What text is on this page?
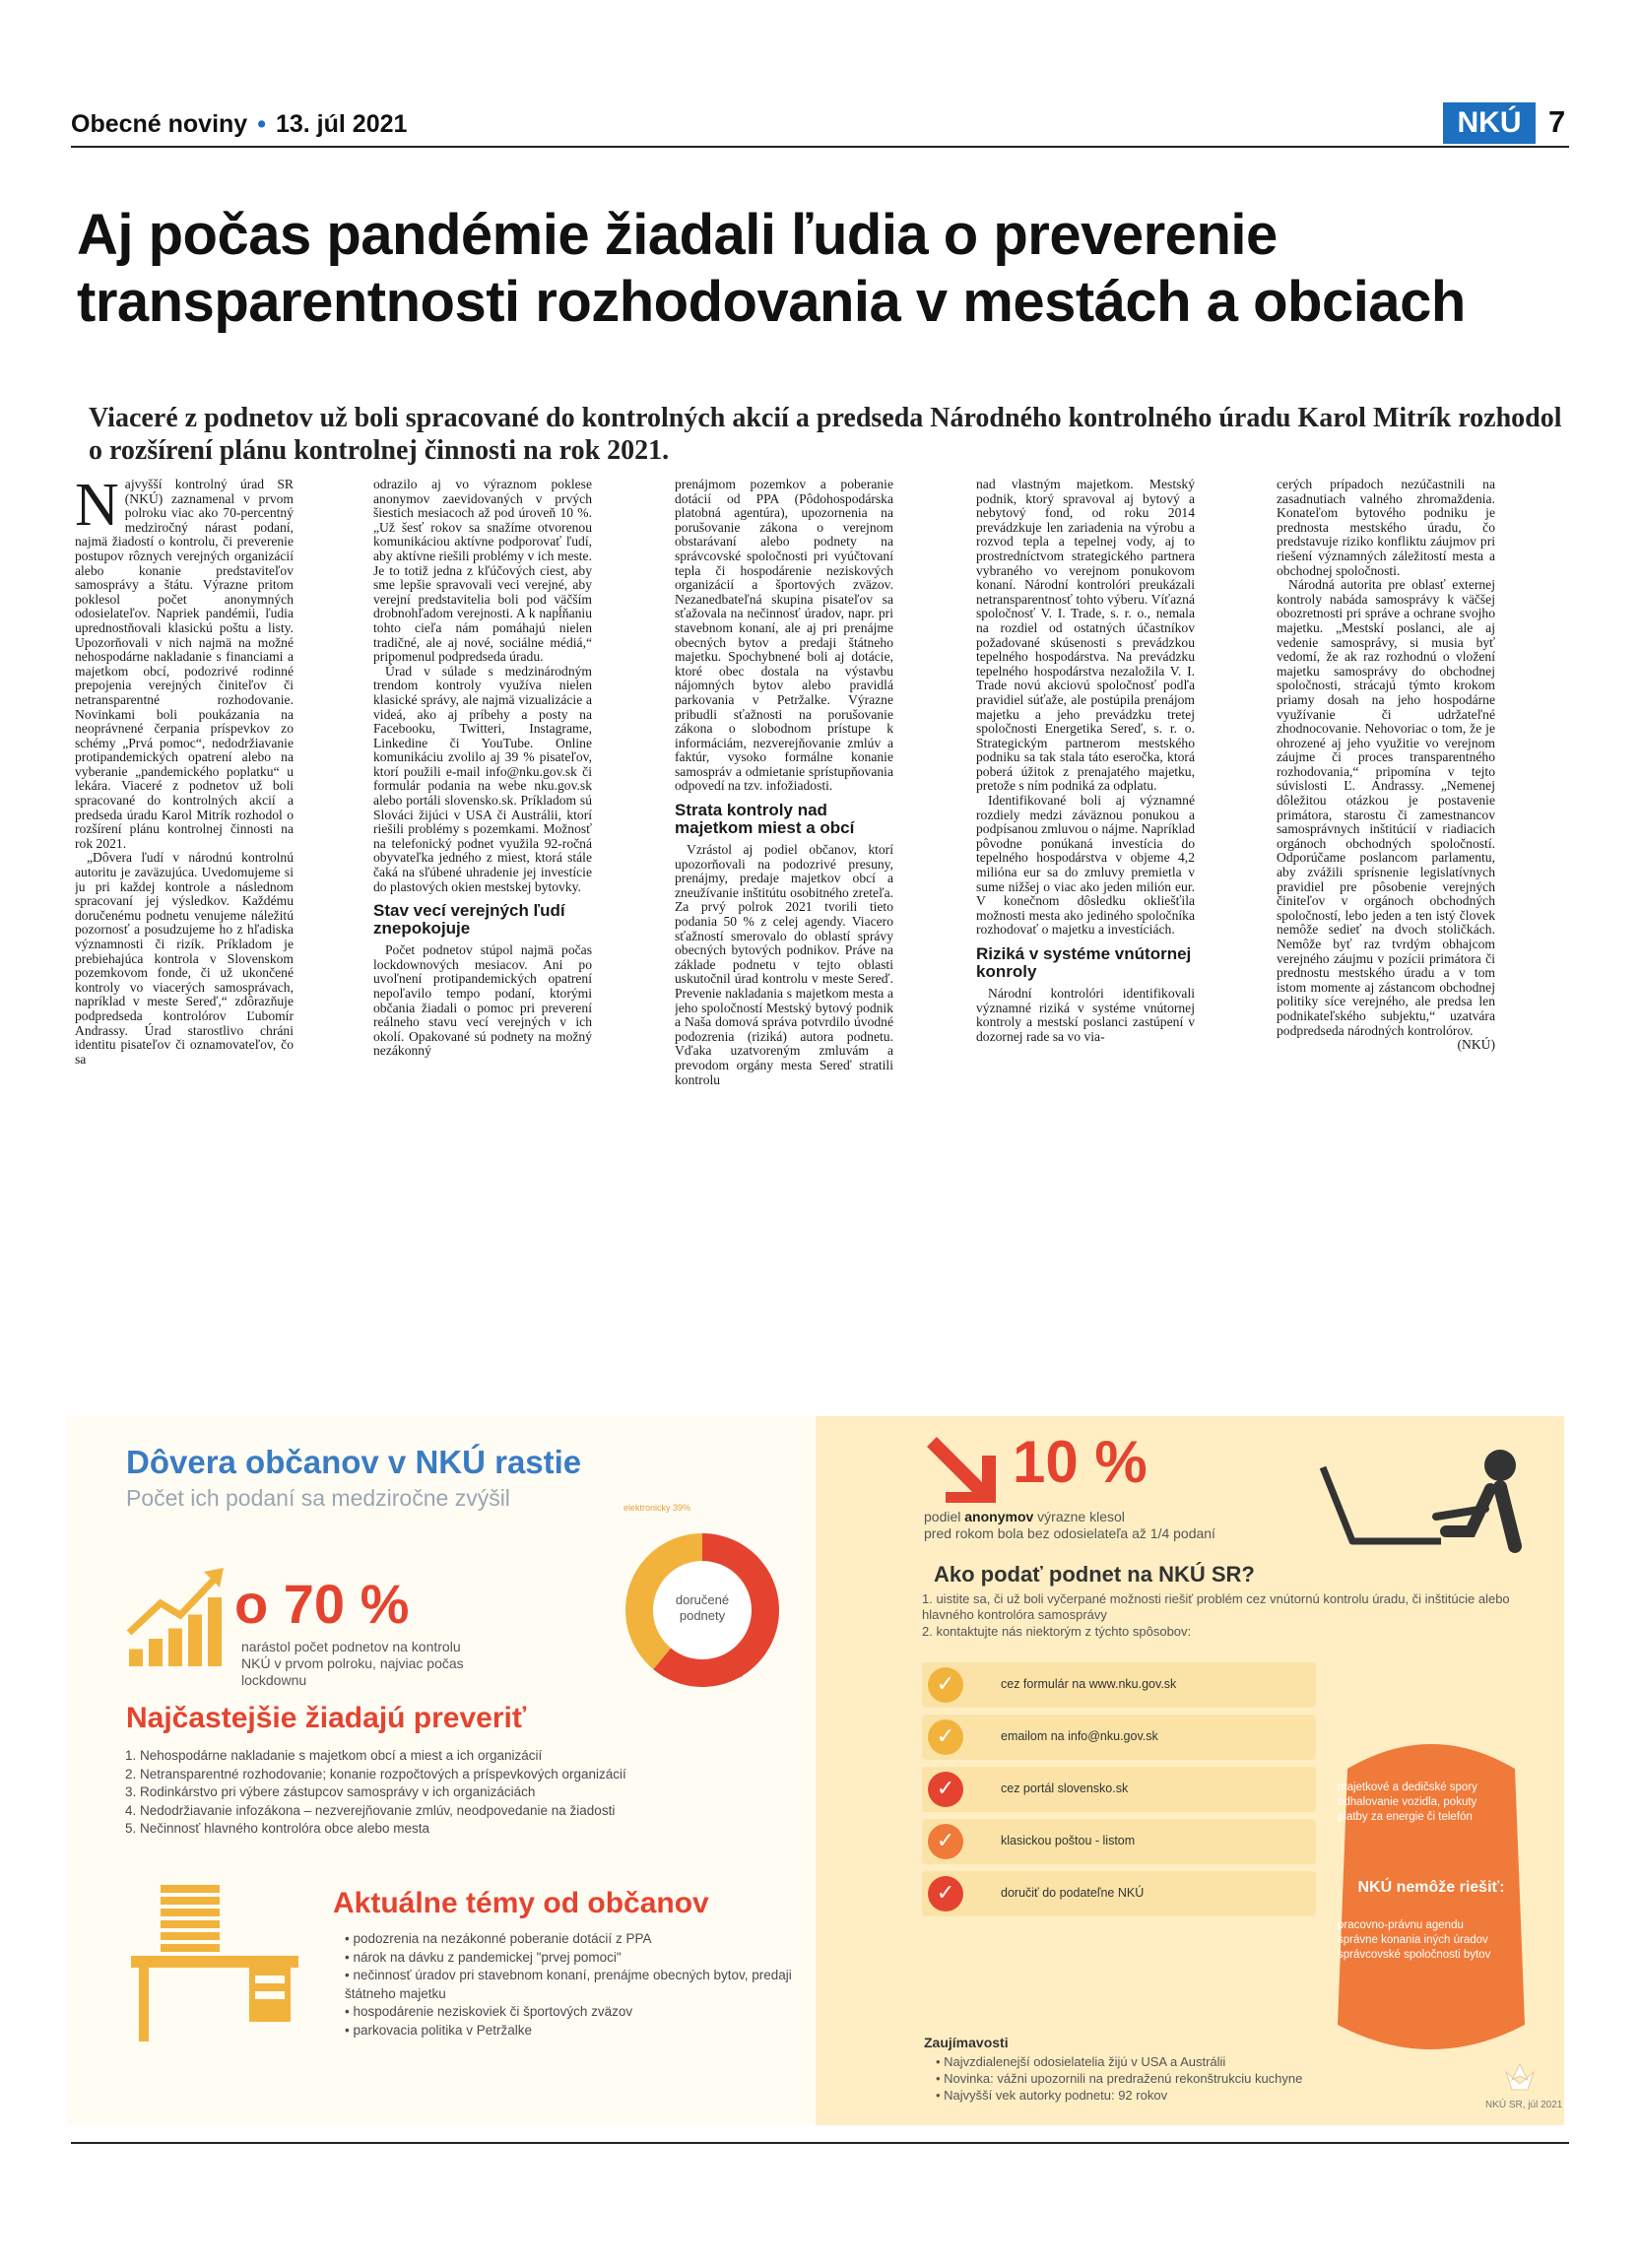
Obecné noviny • 13. júl 2021	NKÚ 7
Aj počas pandémie žiadali ľudia o preverenie transparentnosti rozhodovania v mestách a obciach

Viaceré z podnetov už boli spracované do kontrolných akcií a predseda Národného kontrolného úradu Karol Mitrík rozhodol o rozšírení plánu kontrolnej činnosti na rok 2021.

Najvyšší kontrolný úrad SR (NKÚ) zaznamenal v prvom polroku viac ako 70-percentný medziročný nárast podaní, najmä žiadostí o kontrolu, či preverenie postupov rôznych verejných organizácií alebo konanie predstaviteľov samosprávy a štátu. Výrazne pritom poklesol počet anonymných odosielateľov. Napriek pandémii, ľudia uprednostňovali klasickú poštu a listy. Upozorňovali v nich najmä na možné nehospodárne nakladanie s financiami a majetkom obcí, podozrivé rodinné prepojenia verejných činiteľov či netransparentné rozhodovanie. Novinkami boli poukázania na neoprávnené čerpania príspevkov zo schémy „Prvá pomoc“, nedodržiavanie protipandemických opatrení alebo na vyberanie „pandemického poplatku“ u lekára. Viaceré z podnetov už boli spracované do kontrolných akcií a predseda úradu Karol Mitrík rozhodol o rozšírení plánu kontrolnej činnosti na rok 2021.

„Dôvera ľudí v národnú kontrolnú autoritu je zaväzujúca. Uvedomujeme si ju pri každej kontrole a následnom spracovaní jej výsledkov. Každému doručenému podnetu venujeme náležitú pozornosť a posudzujeme ho z hľadiska významnosti či rizík. Príkladom je prebiehajúca kontrola v Slovenskom pozemkovom fonde, či už ukončené kontroly vo viacerých samosprávach, napríklad v meste Sereď,“ zdôrazňuje podpredseda kontrolórov Ľubomír Andrassy. Úrad starostlivo chráni identitu pisateľov či oznamovateľov, čo sa

odrazilo aj vo výraznom poklese anonymov zaevidovaných v prvých šiestich mesiacoch až pod úroveň 10 %. „Už šesť rokov sa snažíme otvorenou komunikáciou aktívne podporovať ľudí, aby aktívne riešili problémy v ich meste. Je to totiž jedna z kľúčových ciest, aby sme lepšie spravovali veci verejné, aby verejní predstavitelia boli pod väčším drobnohľadom verejnosti. A k napĺňaniu tohto cieľa nám pomáhajú nielen tradičné, ale aj nové, sociálne médiá,“ pripomenul podpredseda úradu.

Úrad v súlade s medzinárodným trendom kontroly využíva nielen klasické správy, ale najmä vizualizácie a videá, ako aj príbehy a posty na Facebooku, Twitteri, Instagrame, Linkedine či YouTube. Online komunikáciu zvolilo aj 39 % pisateľov, ktorí použili e-mail info@nku.gov.sk či formulár podania na webe nku.gov.sk alebo portáli slovensko.sk. Príkladom sú Slováci žijúci v USA či Austrálii, ktorí riešili problémy s pozemkami. Možnosť na telefonický podnet využila 92-ročná obyvateľka jedného z miest, ktorá stále čaká na sľúbené uhradenie jej investície do plastových okien mestskej bytovky.

Stav vecí verejných ľudí znepokojuje

Počet podnetov stúpol najmä počas lockdownových mesiacov. Ani po uvoľnení protipandemických opatrení nepoľavilo tempo podaní, ktorými občania žiadali o pomoc pri preverení reálneho stavu vecí verejných v ich okolí. Opakované sú podnety na možný nezákonný

prenájmom pozemkov a poberanie dotácií od PPA (Pôdohospodárska platobná agentúra), upozornenia na porušovanie zákona o verejnom obstarávaní alebo podnety na správcovské spoločnosti pri vyúčtovaní tepla či hospodárenie neziskových organizácií a športových zväzov. Nezanedbateľná skupina pisateľov sa sťažovala na nečinnosť úradov, napr. pri stavebnom konaní, ale aj pri prenájme obecných bytov a predaji štátneho majetku. Spochybnené boli aj dotácie, ktoré obec dostala na výstavbu nájomných bytov alebo pravidlá parkovania v Petržalke. Výrazne pribudli sťažnosti na porušovanie zákona o slobodnom prístupe k informáciám, nezverejňovanie zmlúv a faktúr, vysoko formálne konanie samospráv a odmietanie sprístupňovania odpovedí na tzv. infožiadosti.

Strata kontroly nad majetkom miest a obcí

Vzrástol aj podiel občanov, ktorí upozorňovali na podozrivé presuny, prenájmy, predaje majetkov obcí a zneužívanie inštitútu osobitného zreteľa. Za prvý polrok 2021 tvorili tieto podania 50 % z celej agendy. Viacero sťažností smerovalo do oblastí správy obecných bytových podnikov. Práve na základe podnetu v tejto oblasti uskutočnil úrad kontrolu v meste Sereď. Prevenie nakladania s majetkom mesta a jeho spoločností Mestský bytový podnik a Naša domová správa potvrdilo úvodné podozrenia (riziká) autora podnetu. Vďaka uzatvoreným zmluvám a prevodom orgány mesta Sereď stratili kontrolu

nad vlastným majetkom. Mestský podnik, ktorý spravoval aj bytový a nebytový fond, od roku 2014 prevádzkuje len zariadenia na výrobu a rozvod tepla a tepelnej vody, aj to prostredníctvom strategického partnera vybraného vo verejnom ponukovom konaní. Národní kontrolóri preukázali netransparentnosť tohto výberu. Víťazná spoločnosť V. I. Trade, s. r. o., nemala na rozdiel od ostatných účastníkov požadované skúsenosti s prevádzkou tepelného hospodárstva. Na prevádzku tepelného hospodárstva nezaložila V. I. Trade novú akciovú spoločnosť podľa pravidiel súťaže, ale postúpila prenájom majetku a jeho prevádzku tretej spoločnosti Energetika Sereď, s. r. o. Strategickým partnerom mestského podniku sa tak stala táto eseročka, ktorá poberá úžitok z prenajatého majetku, pretože s ním podniká za odplatu.

Identifikované boli aj významné rozdiely medzi záväznou ponukou a podpísanou zmluvou o nájme. Napríklad pôvodne ponúkaná investícia do tepelného hospodárstva v objeme 4,2 milióna eur sa do zmluvy premietla v sume nižšej o viac ako jeden milión eur. V konečnom dôsledku okliešťila možnosti mesta ako jediného spoločníka rozhodovať o majetku a investíciách.

Riziká v systéme vnútornej konroly

Národní kontrolóri identifikovali významné riziká v systéme vnútornej kontroly a mestskí poslanci zastúpení v dozornej rade sa vo via-

cerých prípadoch nezúčastnili na zasadnutiach valného zhromaždenia. Konateľom bytového podniku je prednosta mestského úradu, čo predstavuje riziko konfliktu záujmov pri riešení významných záležitostí mesta a obchodnej spoločnosti.

Národná autorita pre oblasť externej kontroly nabáda samosprávy k väčšej obozretnosti pri správe a ochrane svojho majetku. „Mestskí poslanci, ale aj vedenie samosprávy, si musia byť vedomí, že ak raz rozhodnú o vložení majetku samosprávy do obchodnej spoločnosti, strácajú týmto krokom priamy dosah na jeho hospodárne využívanie či udržateľné zhodnocovanie. Nehovoriac o tom, že je ohrozené aj jeho využitie vo verejnom záujme či proces transparentného rozhodovania,“ pripomína v tejto súvislosti Ľ. Andrassy. „Nemenej dôležitou otázkou je postavenie primátora, starostu či zamestnancov samosprávnych inštitúcií v riadiacich orgánoch obchodných spoločností. Odporúčame poslancom parlamentu, aby zvážili sprísnenie legislatívnych pravidiel pre pôsobenie verejných činiteľov v orgánoch obchodných spoločností, lebo jeden a ten istý človek nemôže sedieť na dvoch stoličkách. Nemôže byť raz tvrdým obhajcom verejného záujmu v pozícii primátora či prednostu mestského úradu a v tom istom momente aj zástancom obchodnej politiky síce verejného, ale predsa len podnikateľského subjektu,“ uzatvára podpredseda národných kontrolórov.

(NKÚ)

Dôvera občanov v NKÚ rastie
Počet ich podaní sa medziročne zvýšil
o 70 %
narástol počet podnetov na kontrolu NKÚ v prvom polroku, najviac počas lockdownu
doručené podnety
elektronicky 39%
listová zásielka 61%
Najčastejšie žiadajú preveriť
1. Nehospodárne nakladanie s majetkom obcí a miest a ich organizácií
2. Netransparentné rozhodovanie; konanie rozpočtových a príspevkových organizácií
3. Rodinkárstvo pri výbere zástupcov samosprávy v ich organizáciách
4. Nedodržiavanie infozákona – nezverejňovanie zmlúv, neodpovedanie na žiadosti
5. Nečinnosť hlavného kontrolóra obce alebo mesta
Aktuálne témy od občanov
• podozrenia na nezákonné poberanie dotácií z PPA
• nárok na dávku z pandemickej "prvej pomoci"
• nečinnosť úradov pri stavebnom konaní, prenájme obecných bytov, predaji štátneho majetku
• hospodárenie neziskoviek či športových zväzov
• parkovacia politika v Petržalke
10 %
podiel anonymov výrazne klesol
pred rokom bola bez odosielateľa až 1/4 podaní
Ako podať podnet na NKÚ SR?
1. uistite sa, či už boli vyčerpané možnosti riešiť problém cez vnútornú kontrolu úradu, či inštitúcie alebo hlavného kontrolóra samosprávy
2. kontaktujte nás niektorým z týchto spôsobov:
✓	cez formulár na www.nku.gov.sk
✓	emailom na info@nku.gov.sk
✓	cez portál slovensko.sk
✓	klasickou poštou - listom
✓	doručiť do podateľne NKÚ
majetkové a dedičské spory
odhalovanie vozidla, pokuty
platby za energie či telefón
NKÚ nemôže riešiť:
pracovno-právnu agendu
správne konania iných úradov
správcovské spoločnosti bytov
Zaujímavosti
• Najvzdialenejší odosielatelia žijú v USA a Austrálii
• Novinka: vážni upozornili na predraženú rekonštrukciu kuchyne
• Najvyšší vek autorky podnetu: 92 rokov
NKÚ SR, júl 2021
